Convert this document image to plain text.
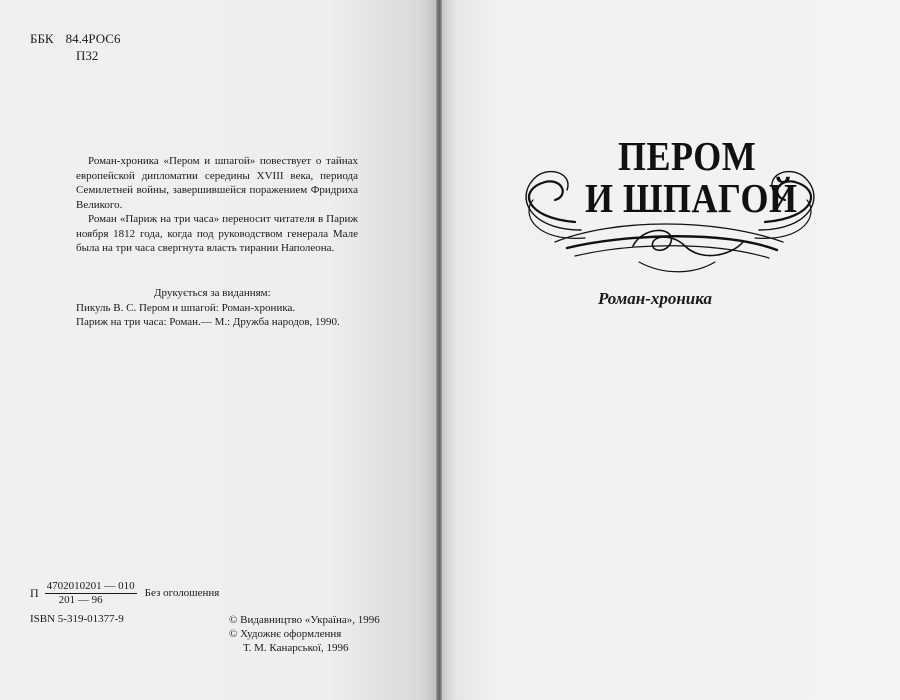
ББК 84.4РОС6
П32

Роман-хроника «Пером и шпагой» повествует о тайнах европейской дипломатии середины XVIII века, периода Семилетней войны, завершившейся поражением Фридриха Великого.

Роман «Париж на три часа» переносит читателя в Париж ноября 1812 года, когда под руководством генерала Мале была на три часа свергнута власть тирании Наполеона.

Друкується за виданням:
Пикуль В. С. Пером и шпагой: Роман-хроника.
Париж на три часа: Роман.— М.: Дружба народов, 1990.
П $\frac{4702010201 — 010}{201 — 96}$ Без оголошення
ISBN 5-319-01377-9	© Видавництво «Україна», 1996
© Художнє оформлення
Т. М. Канарської, 1996
ПЕРОМ
И ШПАГОЙ
Роман-хроника
